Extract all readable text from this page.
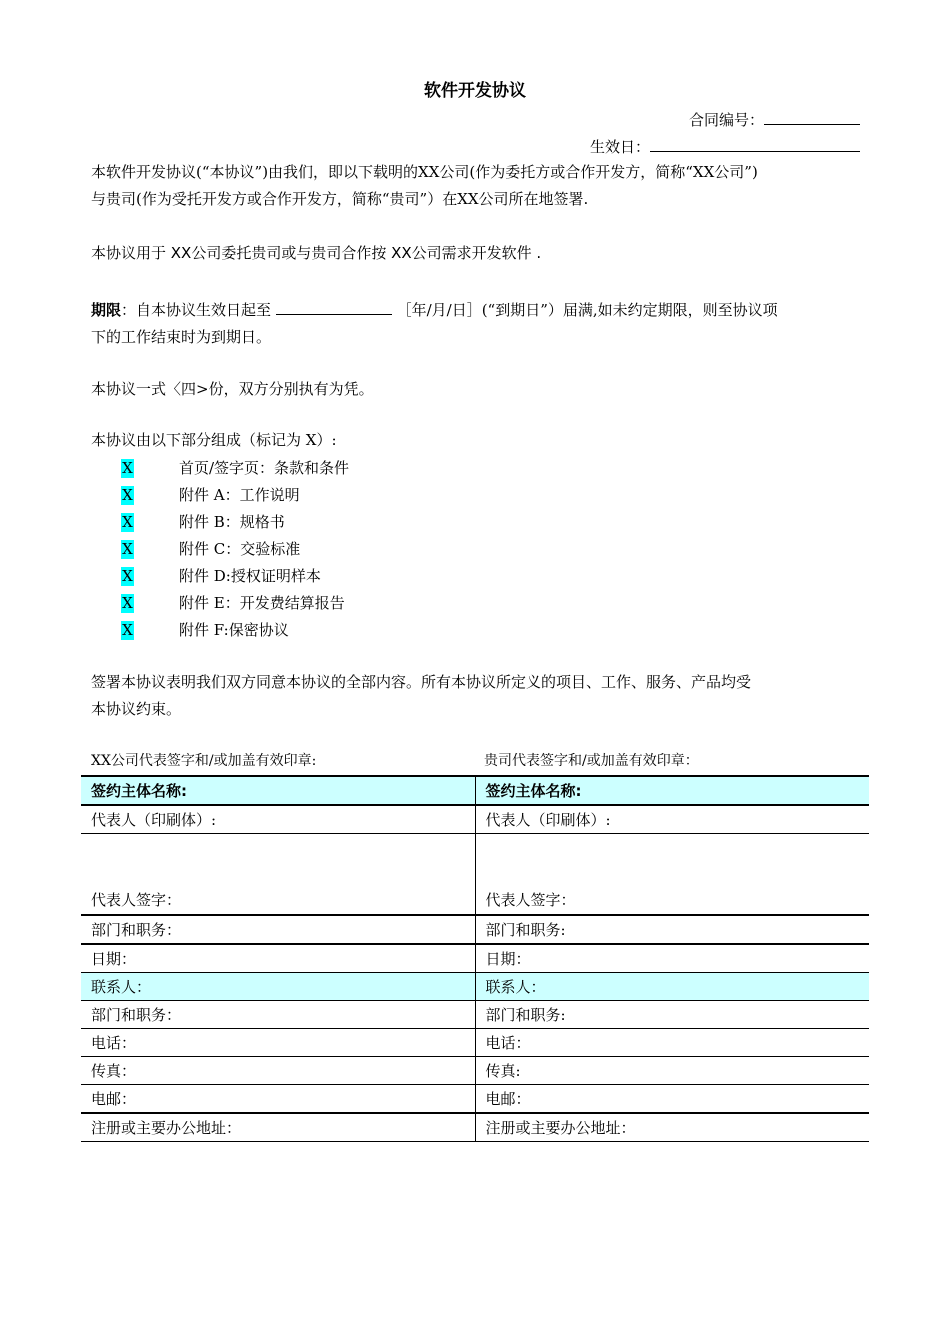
软件开发协议
合同编号：
生效日：
本软件开发协议(“本协议”)由我们，即以下载明的XX公司(作为委托方或合作开发方，简称“XX公司”)
与贵司(作为受托开发方或合作开发方，简称“贵司”）在XX公司所在地签署.
本协议用于 XX公司委托贵司或与贵司合作按 XX公司需求开发软件 .
期限：自本协议生效日起至	［年/月/日］(“到期日”）届满,如未约定期限，则至协议项
下的工作结束时为到期日。
本协议一式〈四>份，双方分别执有为凭。
本协议由以下部分组成（标记为 X）:
X	首页/签字页：条款和条件
X	附件 A：工作说明
X	附件 B：规格书
X	附件 C：交验标准
X	附件 D:授权证明样本
X	附件 E：开发费结算报告
X	附件 F:保密协议
签署本协议表明我们双方同意本协议的全部内容。所有本协议所定义的项目、工作、服务、产品均受
本协议约束。
XX公司代表签字和/或加盖有效印章:	贵司代表签字和/或加盖有效印章：
签约主体名称:	签约主体名称:
代表人（印刷体）:	代表人（印刷体）:
代表人签字：	代表人签字：
部门和职务：	部门和职务:
日期：	日期：
联系人：	联系人：
部门和职务：	部门和职务:
电话：	电话：
传真：	传真:
电邮：	电邮：
注册或主要办公地址：	注册或主要办公地址：
